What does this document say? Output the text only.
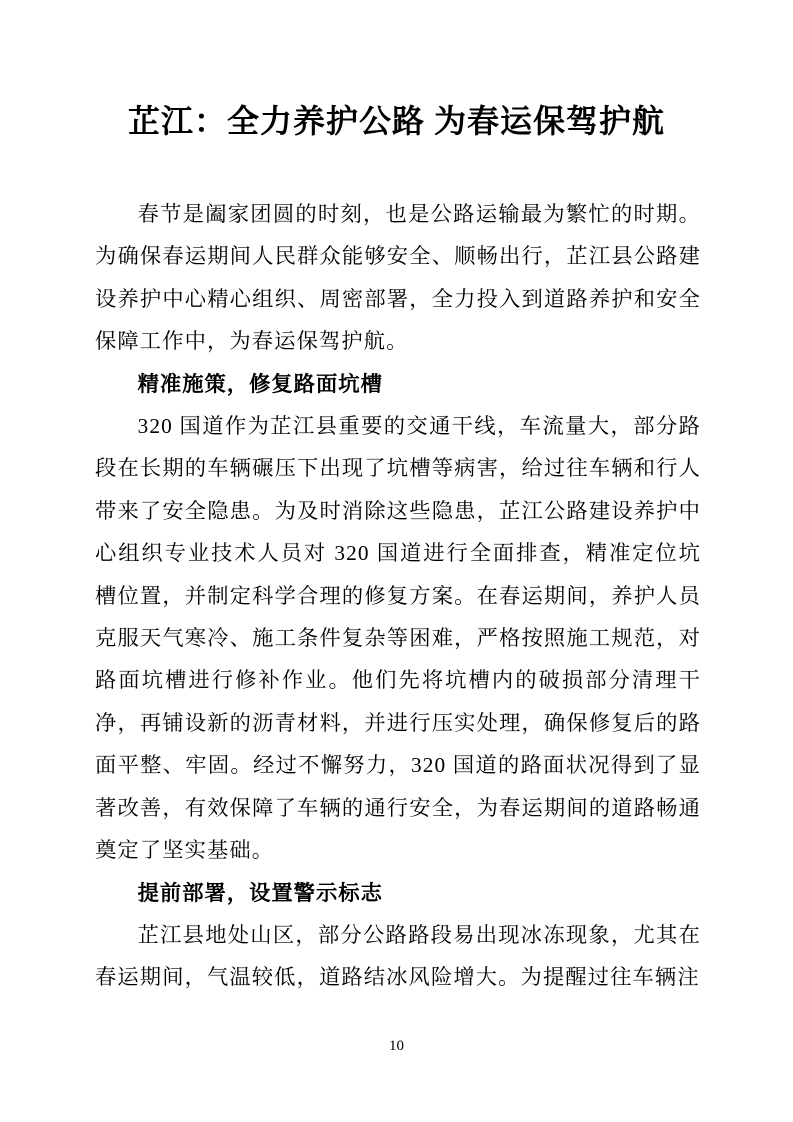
芷江：全力养护公路 为春运保驾护航

春节是阖家团圆的时刻，也是公路运输最为繁忙的时期。为确保春运期间人民群众能够安全、顺畅出行，芷江县公路建设养护中心精心组织、周密部署，全力投入到道路养护和安全保障工作中，为春运保驾护航。

精准施策，修复路面坑槽

320 国道作为芷江县重要的交通干线，车流量大，部分路段在长期的车辆碾压下出现了坑槽等病害，给过往车辆和行人带来了安全隐患。为及时消除这些隐患，芷江公路建设养护中心组织专业技术人员对 320 国道进行全面排查，精准定位坑槽位置，并制定科学合理的修复方案。在春运期间，养护人员克服天气寒冷、施工条件复杂等困难，严格按照施工规范，对路面坑槽进行修补作业。他们先将坑槽内的破损部分清理干净，再铺设新的沥青材料，并进行压实处理，确保修复后的路面平整、牢固。经过不懈努力，320 国道的路面状况得到了显著改善，有效保障了车辆的通行安全，为春运期间的道路畅通奠定了坚实基础。

提前部署，设置警示标志

芷江县地处山区，部分公路路段易出现冰冻现象，尤其在春运期间，气温较低，道路结冰风险增大。为提醒过往车辆注

10
